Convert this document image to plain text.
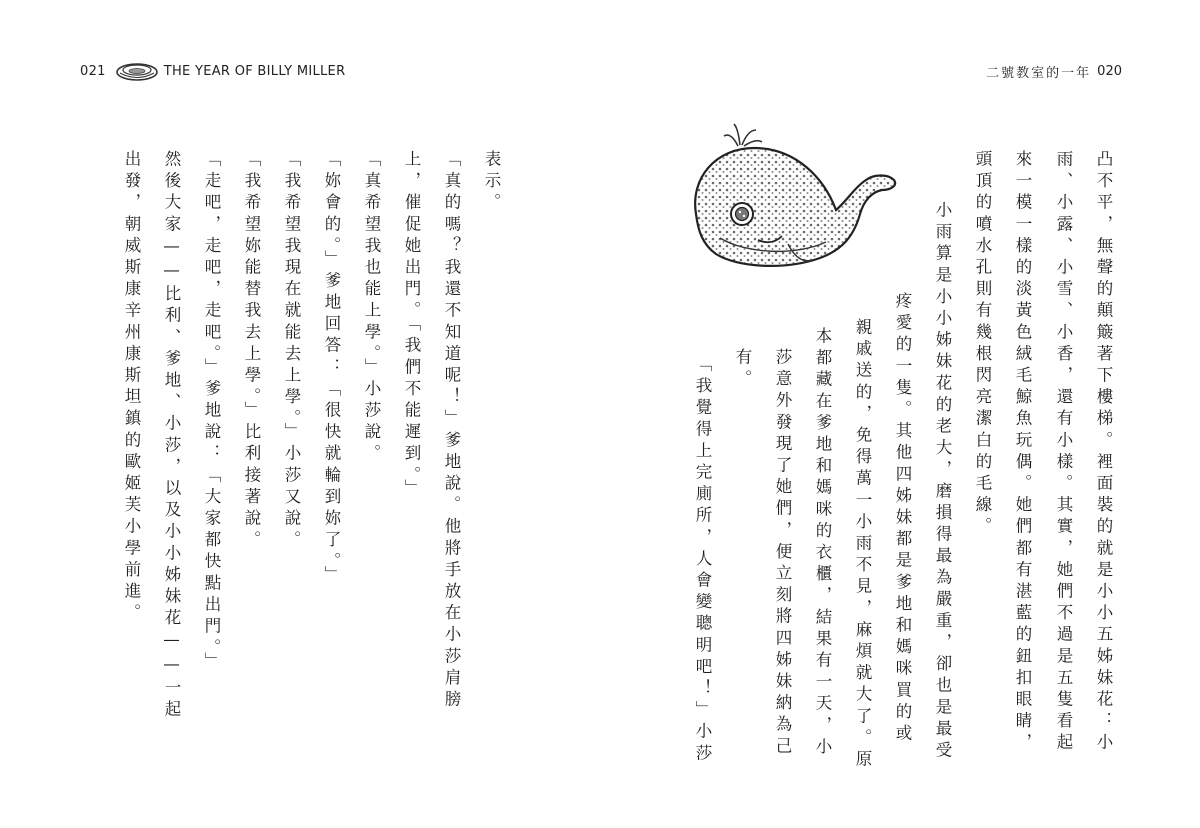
021	THE YEAR OF BILLY MILLER	二號教室的一年 020
凸不平，無聲的顛簸著下樓梯。裡面裝的就是小小五姊妹花：小
雨、小露、小雪、小香，還有小樣。其實，她們不過是五隻看起
來一模一樣的淡黃色絨毛鯨魚玩偶。她們都有湛藍的鈕扣眼睛，
頭頂的噴水孔則有幾根閃亮潔白的毛線。
小雨算是小小姊妹花的老大，磨損得最為嚴重，卻也是最受
疼愛的一隻。其他四姊妹都是爹地和媽咪買的或
親戚送的，免得萬一小雨不見，麻煩就大了。原
本都藏在爹地和媽咪的衣櫃，結果有一天，小
莎意外發現了她們，便立刻將四姊妹納為己
有。
「我覺得上完廁所，人會變聰明吧！」小莎
表示。
「真的嗎？我還不知道呢！」爹地說。他將手放在小莎肩膀
上，催促她出門。「我們不能遲到。」
「真希望我也能上學。」小莎說。
「妳會的。」爹地回答：「很快就輪到妳了。」
「我希望我現在就能去上學。」小莎又說。
「我希望妳能替我去上學。」比利接著說。
「走吧，走吧，走吧。」爹地說：「大家都快點出門。」
然後大家——比利、爹地、小莎，以及小小姊妹花——一起
出發，朝威斯康辛州康斯坦鎮的歐姬芙小學前進。
